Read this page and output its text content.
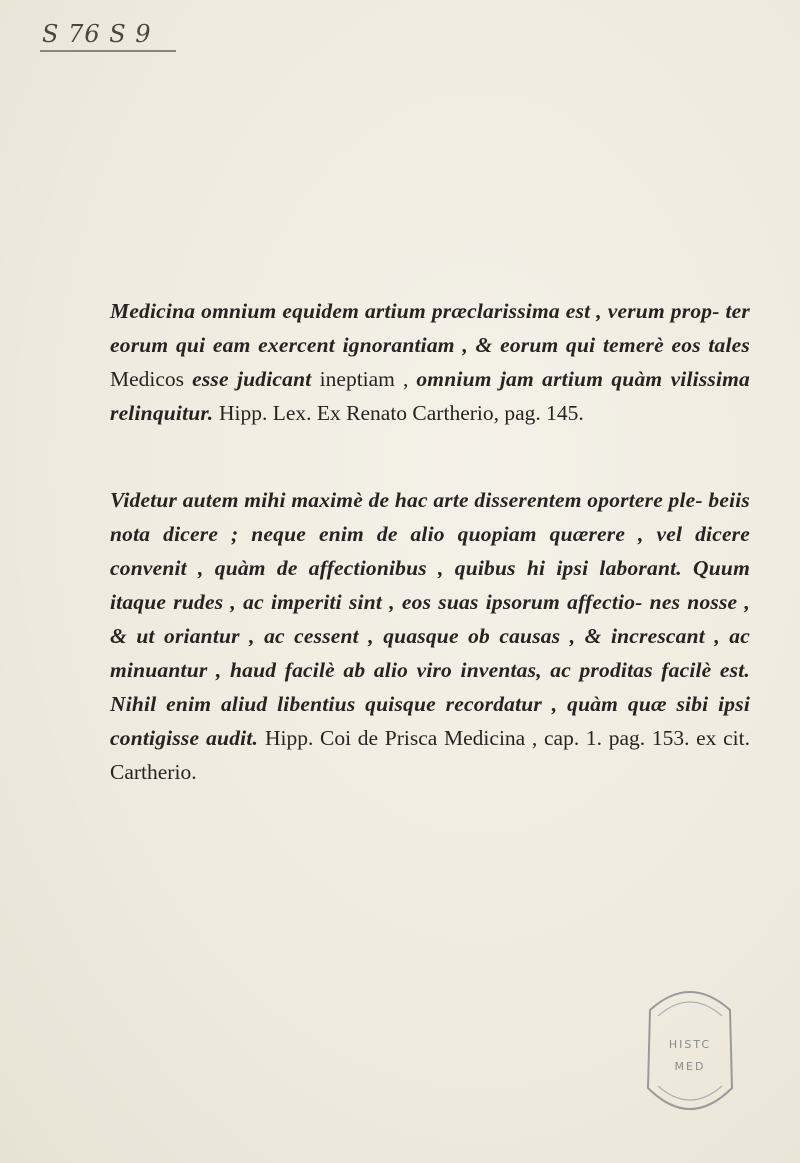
S 76 S 9
Medicina omnium equidem artium præclarissima est , verum prop- ter eorum qui eam exercent ignorantiam , & eorum qui temerè eos tales Medicos esse judicant ineptiam , omnium jam artium quàm vilissima relinquitur. Hipp. Lex. Ex Renato Cartherio, pag. 145.
Videtur autem mihi maximè de hac arte disserentem oportere ple- beiis nota dicere ; neque enim de alio quopiam quærere , vel dicere convenit , quàm de affectionibus , quibus hi ipsi laborant. Quum itaque rudes , ac imperiti sint , eos suas ipsorum affectio- nes nosse , & ut oriantur , ac cessent , quasque ob causas , & increscant , ac minuantur , haud facilè ab alio viro inventas, ac proditas facilè est. Nihil enim aliud libentius quisque recordatur , quàm quæ sibi ipsi contigisse audit. Hipp. Coi de Prisca Medicina , cap. 1. pag. 153. ex cit. Cartherio.
HISTC
MED
